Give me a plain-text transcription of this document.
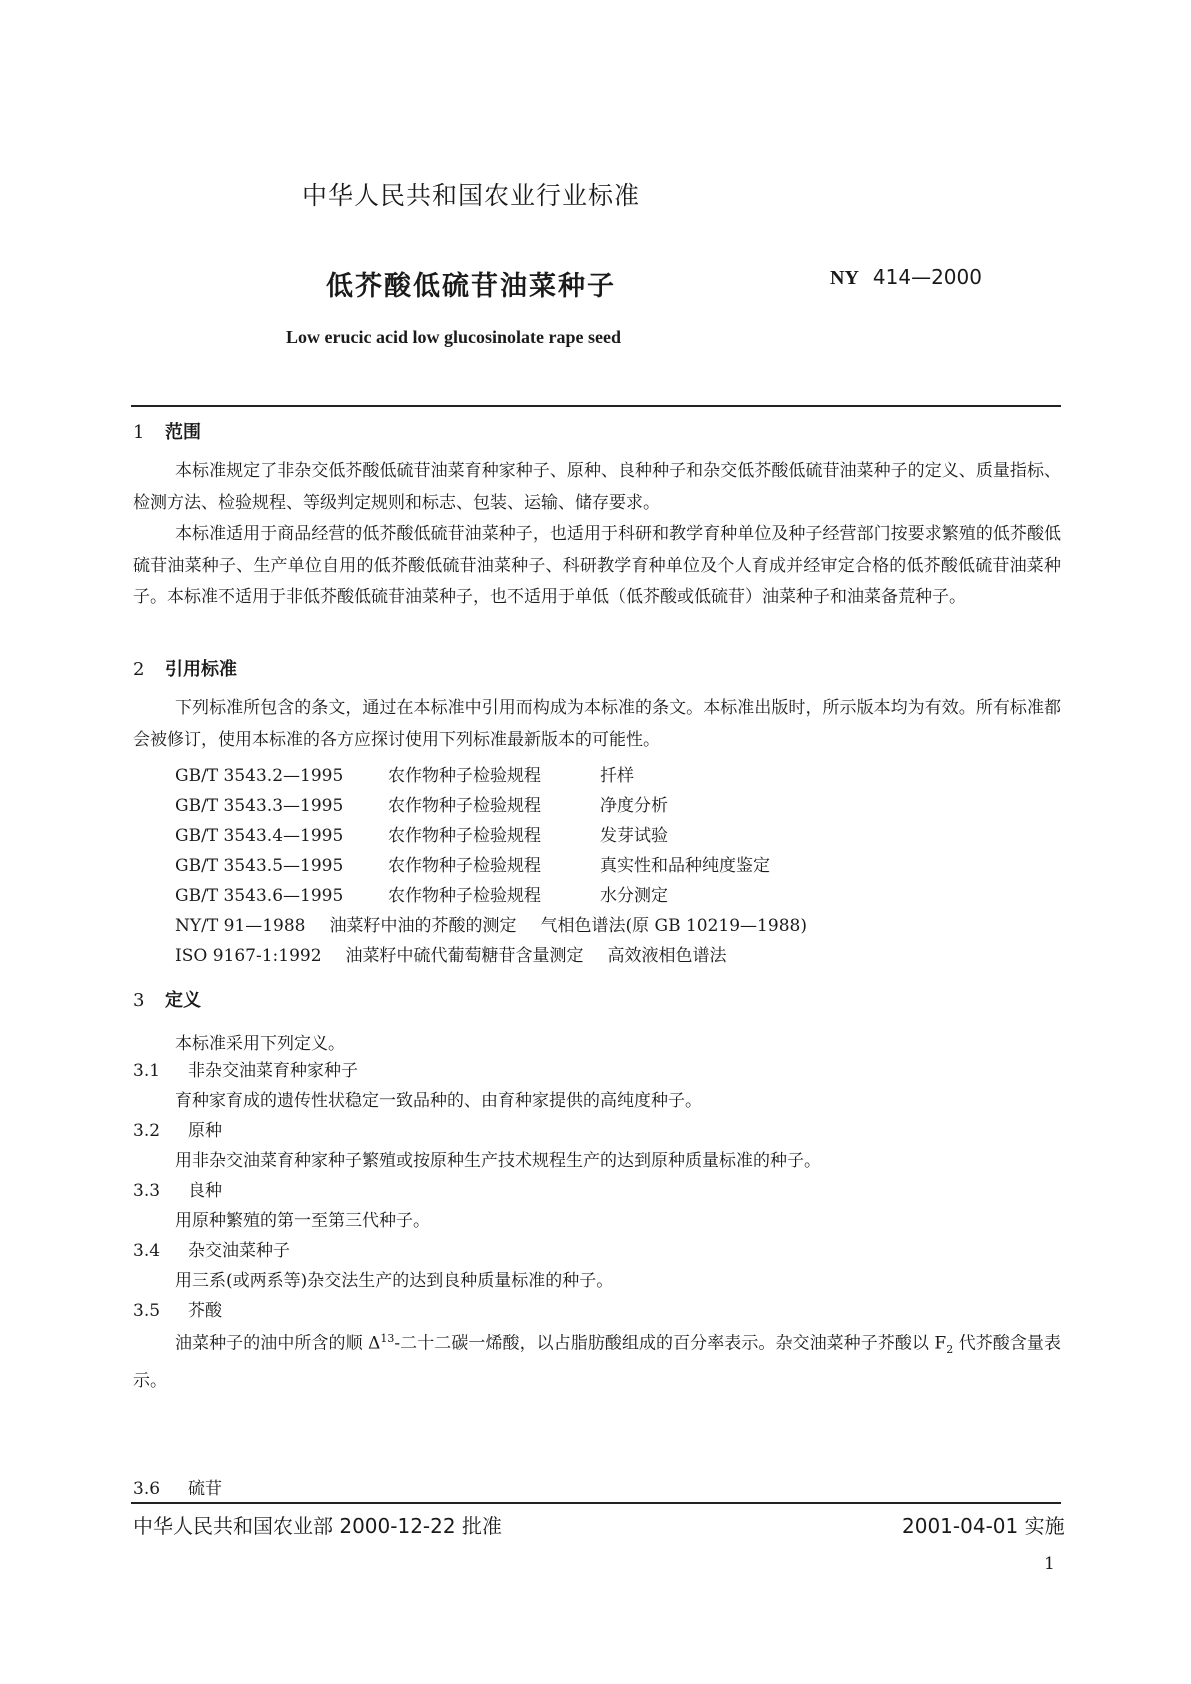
中华人民共和国农业行业标准
低芥酸低硫苷油菜种子	NY 414—2000
Low erucic acid low glucosinolate rape seed
1 范围

本标准规定了非杂交低芥酸低硫苷油菜育种家种子、原种、良种种子和杂交低芥酸低硫苷油菜种子的定义、质量指标、检测方法、检验规程、等级判定规则和标志、包装、运输、储存要求。

本标准适用于商品经营的低芥酸低硫苷油菜种子，也适用于科研和教学育种单位及种子经营部门按要求繁殖的低芥酸低硫苷油菜种子、生产单位自用的低芥酸低硫苷油菜种子、科研教学育种单位及个人育成并经审定合格的低芥酸低硫苷油菜种子。本标准不适用于非低芥酸低硫苷油菜种子，也不适用于单低（低芥酸或低硫苷）油菜种子和油菜备荒种子。

2 引用标准

下列标准所包含的条文，通过在本标准中引用而构成为本标准的条文。本标准出版时，所示版本均为有效。所有标准都会被修订，使用本标准的各方应探讨使用下列标准最新版本的可能性。

GB/T 3543.2—1995	农作物种子检验规程	扦样
GB/T 3543.3—1995	农作物种子检验规程	净度分析
GB/T 3543.4—1995	农作物种子检验规程	发芽试验
GB/T 3543.5—1995	农作物种子检验规程	真实性和品种纯度鉴定
GB/T 3543.6—1995	农作物种子检验规程	水分测定
NY/T 91—1988 油菜籽中油的芥酸的测定 气相色谱法(原 GB 10219—1988)
ISO 9167-1:1992 油菜籽中硫代葡萄糖苷含量测定 高效液相色谱法
3 定义
本标准采用下列定义。
3.1 非杂交油菜育种家种子
育种家育成的遗传性状稳定一致品种的、由育种家提供的高纯度种子。
3.2 原种
用非杂交油菜育种家种子繁殖或按原种生产技术规程生产的达到原种质量标准的种子。
3.3 良种
用原种繁殖的第一至第三代种子。
3.4 杂交油菜种子
用三系(或两系等)杂交法生产的达到良种质量标准的种子。
3.5 芥酸

油菜种子的油中所含的顺 $\Delta^{13}-$二十二碳一烯酸，以占脂肪酸组成的百分率表示。杂交油菜种子芥酸以 $F_2$ 代芥酸含量表示。

3.6 硫苷
中华人民共和国农业部 2000-12-22 批准	2001-04-01 实施
1
